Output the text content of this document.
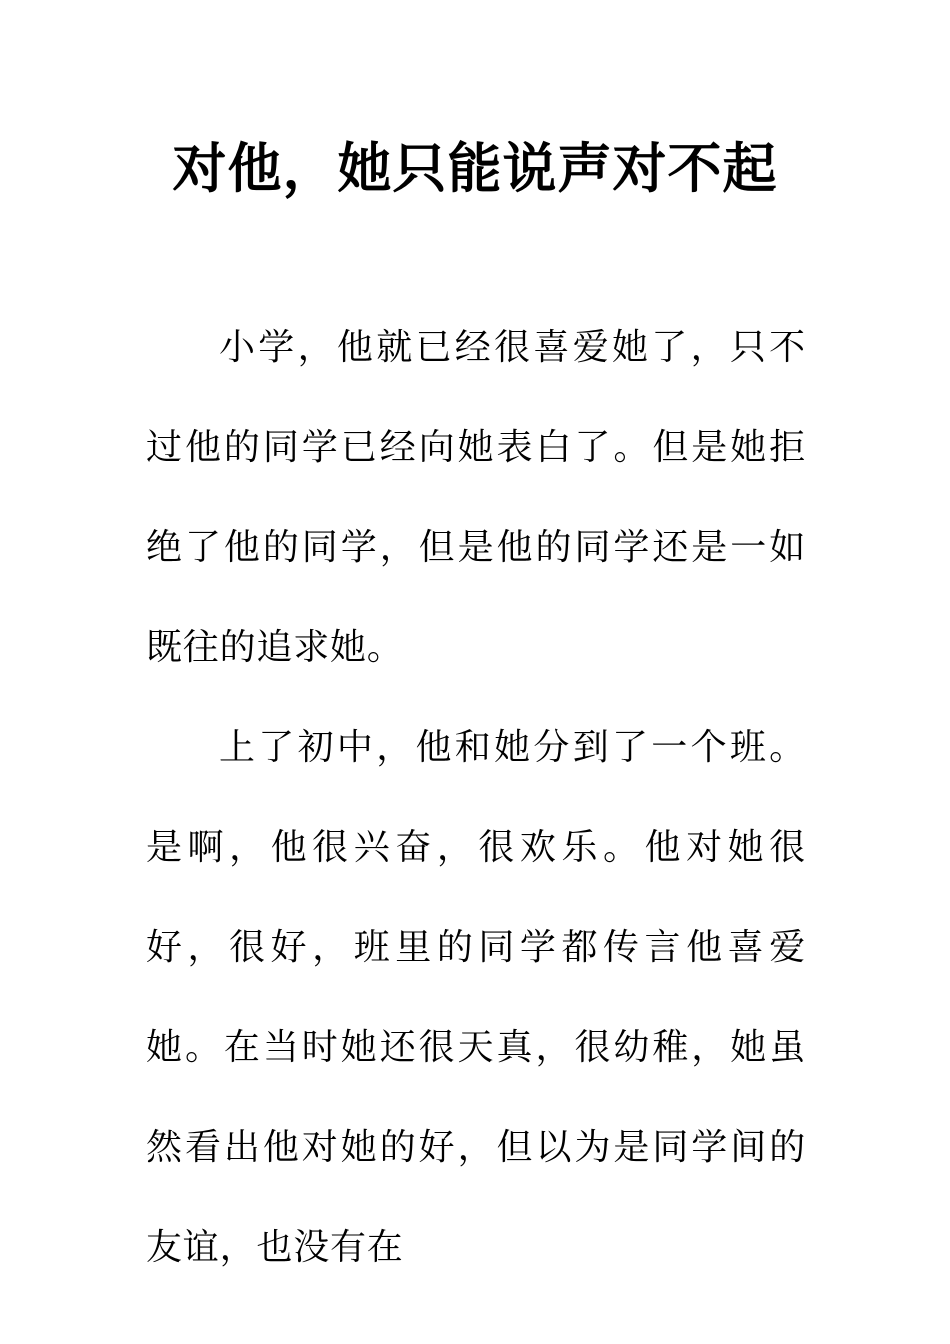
对他，她只能说声对不起

小学，他就已经很喜爱她了，只不过他的同学已经向她表白了。但是她拒绝了他的同学，但是他的同学还是一如既往的追求她。

上了初中，他和她分到了一个班。是啊，他很兴奋，很欢乐。他对她很好，很好，班里的同学都传言他喜爱她。在当时她还很天真，很幼稚，她虽然看出他对她的好，但以为是同学间的友谊，也没有在
